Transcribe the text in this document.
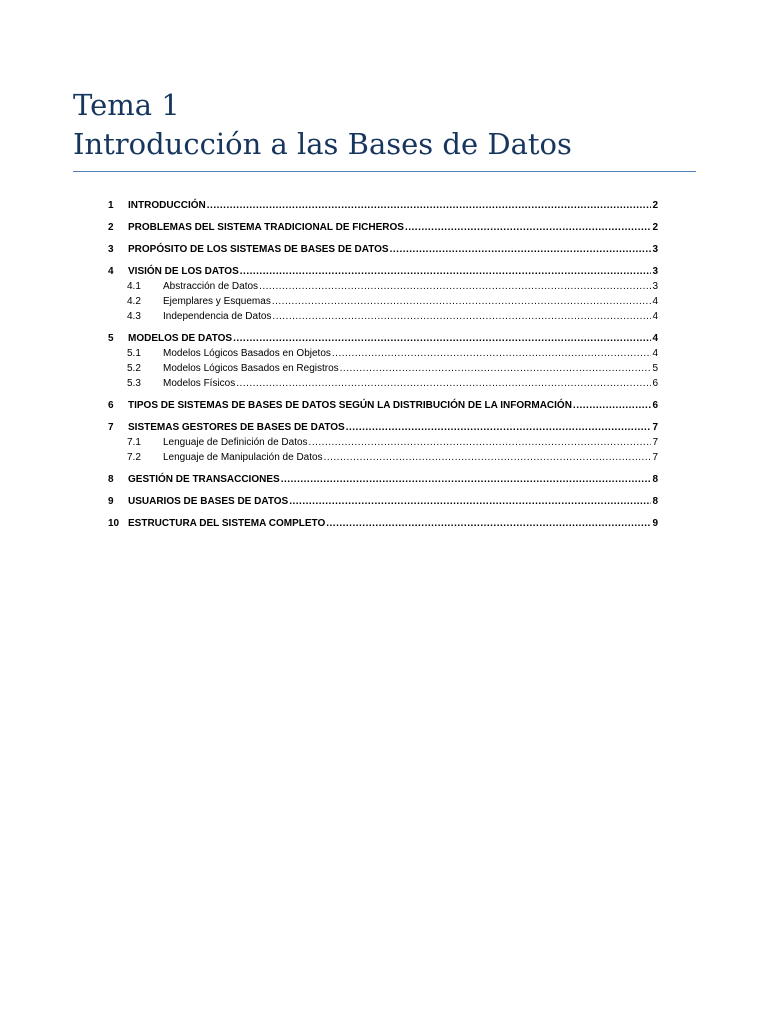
Tema 1
Introducción a las Bases de Datos
1	INTRODUCCIÓN .....	2
2	PROBLEMAS DEL SISTEMA TRADICIONAL DE FICHEROS .....	2
3	PROPÓSITO DE LOS SISTEMAS DE BASES DE DATOS .....	3
4	VISIÓN DE LOS DATOS .....	3
4.1	Abstracción de Datos .....	3
4.2	Ejemplares y Esquemas .....	4
4.3	Independencia de Datos .....	4
5	MODELOS DE DATOS .....	4
5.1	Modelos Lógicos Basados en Objetos .....	4
5.2	Modelos Lógicos Basados en Registros .....	5
5.3	Modelos Físicos .....	6
6	TIPOS DE SISTEMAS DE BASES DE DATOS SEGÚN LA DISTRIBUCIÓN DE LA INFORMACIÓN .....	6
7	SISTEMAS GESTORES DE BASES DE DATOS .....	7
7.1	Lenguaje de Definición de Datos .....	7
7.2	Lenguaje de Manipulación de Datos .....	7
8	GESTIÓN DE TRANSACCIONES .....	8
9	USUARIOS DE BASES DE DATOS .....	8
10 ESTRUCTURA DEL SISTEMA COMPLETO .....	9
